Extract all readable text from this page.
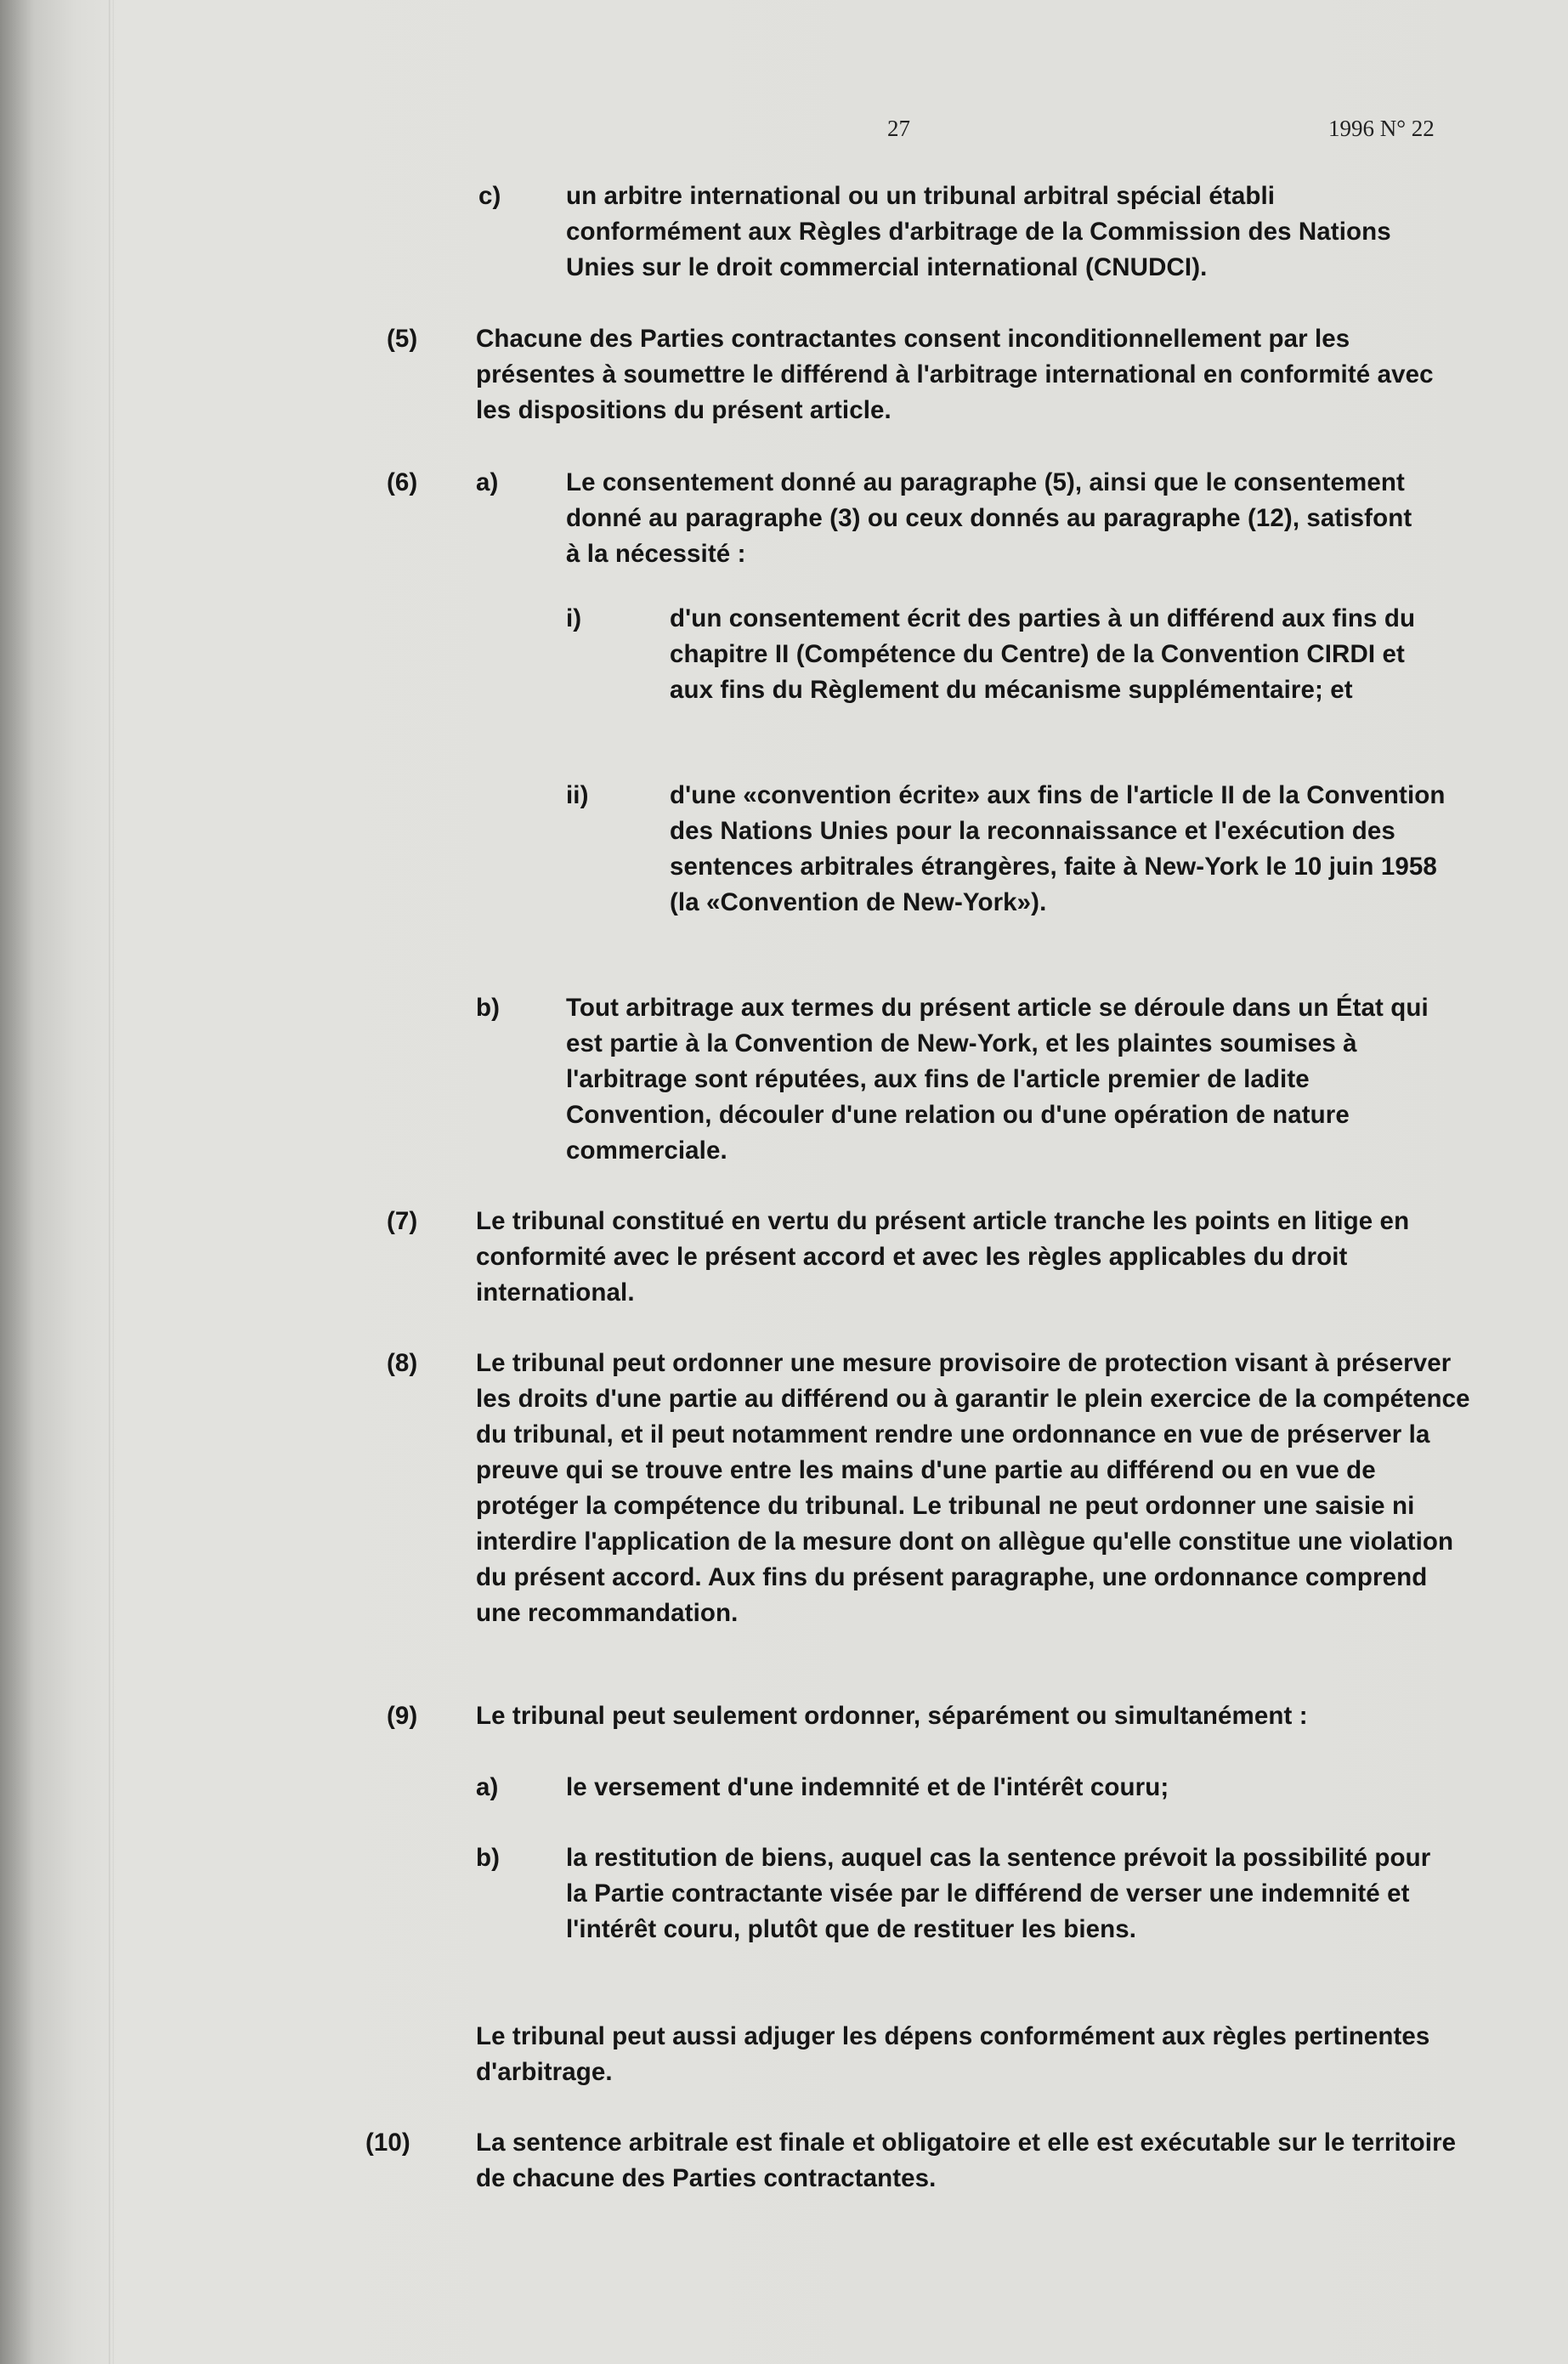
27	1996 N° 22
c)	un arbitre international ou un tribunal arbitral spécial établi conformément aux Règles d'arbitrage de la Commission des Nations Unies sur le droit commercial international (CNUDCI).
(5) Chacune des Parties contractantes consent inconditionnellement par les présentes à soumettre le différend à l'arbitrage international en conformité avec les dispositions du présent article.
(6) a)	Le consentement donné au paragraphe (5), ainsi que le consentement donné au paragraphe (3) ou ceux donnés au paragraphe (12), satisfont à la nécessité :
i)	d'un consentement écrit des parties à un différend aux fins du chapitre II (Compétence du Centre) de la Convention CIRDI et aux fins du Règlement du mécanisme supplémentaire; et
ii)	d'une «convention écrite» aux fins de l'article II de la Convention des Nations Unies pour la reconnaissance et l'exécution des sentences arbitrales étrangères, faite à New-York le 10 juin 1958 (la «Convention de New-York»).
b)	Tout arbitrage aux termes du présent article se déroule dans un État qui est partie à la Convention de New-York, et les plaintes soumises à l'arbitrage sont réputées, aux fins de l'article premier de ladite Convention, découler d'une relation ou d'une opération de nature commerciale.
(7) Le tribunal constitué en vertu du présent article tranche les points en litige en conformité avec le présent accord et avec les règles applicables du droit international.
(8) Le tribunal peut ordonner une mesure provisoire de protection visant à préserver les droits d'une partie au différend ou à garantir le plein exercice de la compétence du tribunal, et il peut notamment rendre une ordonnance en vue de préserver la preuve qui se trouve entre les mains d'une partie au différend ou en vue de protéger la compétence du tribunal. Le tribunal ne peut ordonner une saisie ni interdire l'application de la mesure dont on allègue qu'elle constitue une violation du présent accord. Aux fins du présent paragraphe, une ordonnance comprend une recommandation.
(9) Le tribunal peut seulement ordonner, séparément ou simultanément :
a)	le versement d'une indemnité et de l'intérêt couru;
b)	la restitution de biens, auquel cas la sentence prévoit la possibilité pour la Partie contractante visée par le différend de verser une indemnité et l'intérêt couru, plutôt que de restituer les biens.
Le tribunal peut aussi adjuger les dépens conformément aux règles pertinentes d'arbitrage.
(10)	La sentence arbitrale est finale et obligatoire et elle est exécutable sur le territoire de chacune des Parties contractantes.
